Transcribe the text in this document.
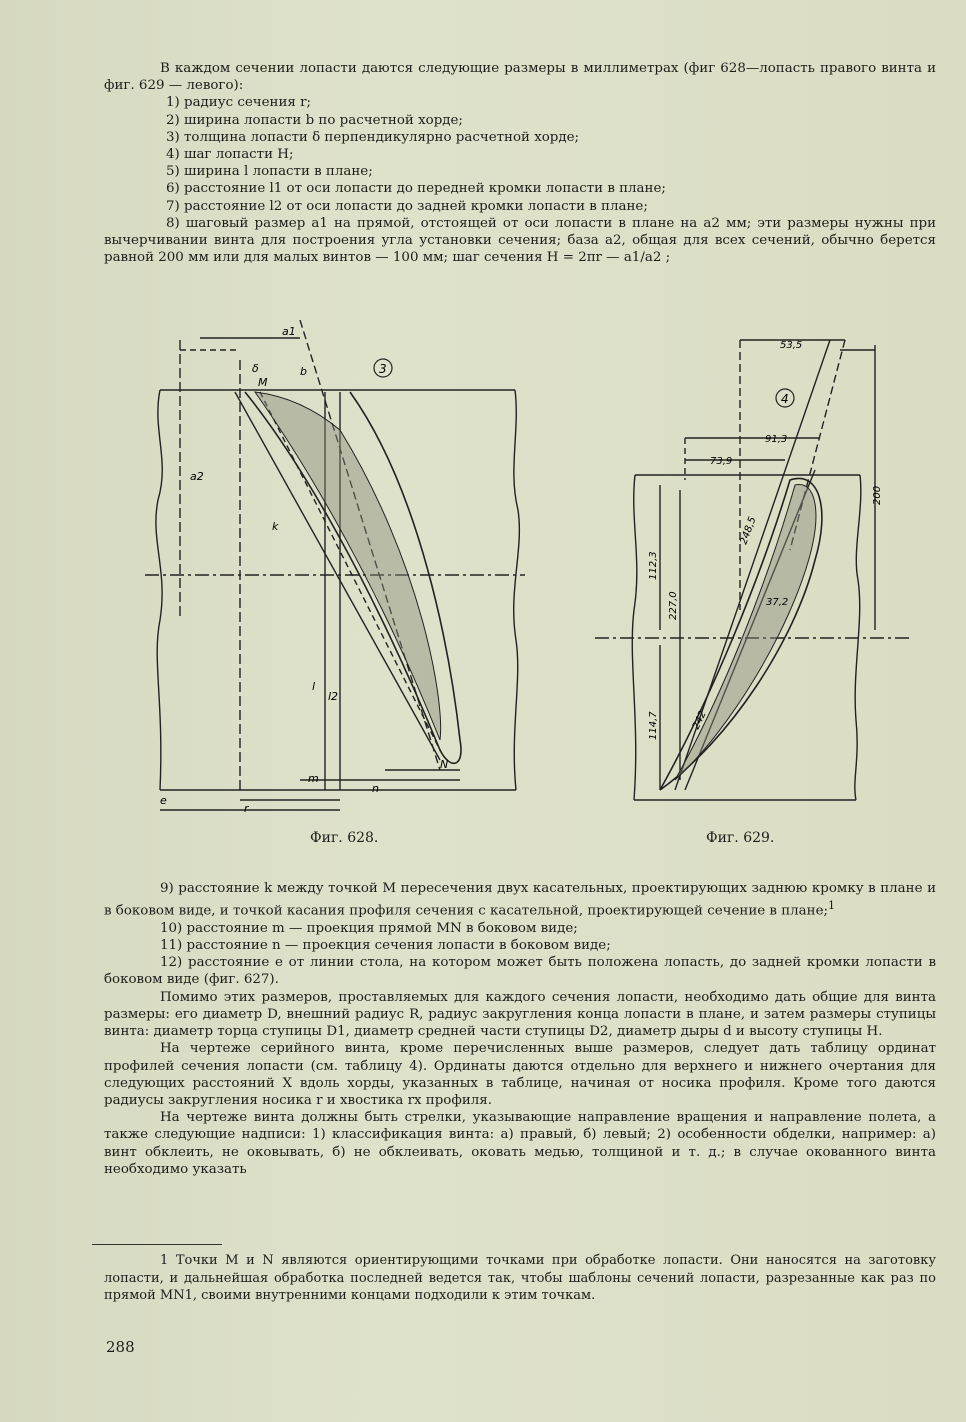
В каждом сечении лопасти даются следующие размеры в миллиметрах (фиг 628—лопасть правого винта и фиг. 629 — левого):

1) радиус сечения r;

2) ширина лопасти b по расчетной хорде;

3) толщина лопасти δ перпендикулярно расчетной хорде;

4) шаг лопасти H;

5) ширина l лопасти в плане;

6) расстояние l1 от оси лопасти до передней кромки лопасти в плане;

7) расстояние l2 от оси лопасти до задней кромки лопасти в плане;

8) шаговый размер a1 на прямой, отстоящей от оси лопасти в плане на a2 мм; эти размеры нужны при вычерчивании винта для построения угла установки сечения; база a2, общая для всех сечений, обычно берется равной 200 мм или для малых винтов — 100 мм; шаг сечения H = 2πr — a1/a2 ;

3
a1
δ	b
M
a2
k
l
l2
N
m
n
r
e
Фиг. 628.
4
53,5
91,3
73,9
200
112,3
227,0
114,7
248,5
242
37,2
Фиг. 629.

9) расстояние k между точкой M пересечения двух касательных, проектирующих заднюю кромку в плане и в боковом виде, и точкой касания профиля сечения с касательной, проектирующей сечение в плане;$^1$

10) расстояние m — проекция прямой MN в боковом виде;

11) расстояние n — проекция сечения лопасти в боковом виде;

12) расстояние e от линии стола, на котором может быть положена лопасть, до задней кромки лопасти в боковом виде (фиг. 627).

Помимо этих размеров, проставляемых для каждого сечения лопасти, необходимо дать общие для винта размеры: его диаметр D, внешний радиус R, радиус закругления конца лопасти в плане, и затем размеры ступицы винта: диаметр торца ступицы D1, диаметр средней части ступицы D2, диаметр дыры d и высоту ступицы H.

На чертеже серийного винта, кроме перечисленных выше размеров, следует дать таблицу ординат профилей сечения лопасти (см. таблицу 4). Ординаты даются отдельно для верхнего и нижнего очертания для следующих расстояний X вдоль хорды, указанных в таблице, начиная от носика профиля. Кроме того даются радиусы закругления носика r и хвостика rx профиля.

На чертеже винта должны быть стрелки, указывающие направление вращения и направление полета, а также следующие надписи: 1) классификация винта: а) правый, б) левый; 2) особенности обделки, например: а) винт обклеить, не оковывать, б) не обклеивать, оковать медью, толщиной и т. д.; в случае окованного винта необходимо указать

1 Точки M и N являются ориентирующими точками при обработке лопасти. Они наносятся на заготовку лопасти, и дальнейшая обработка последней ведется так, чтобы шаблоны сечений лопасти, разрезанные как раз по прямой MN1, своими внутренними концами подходили к этим точкам.

288
